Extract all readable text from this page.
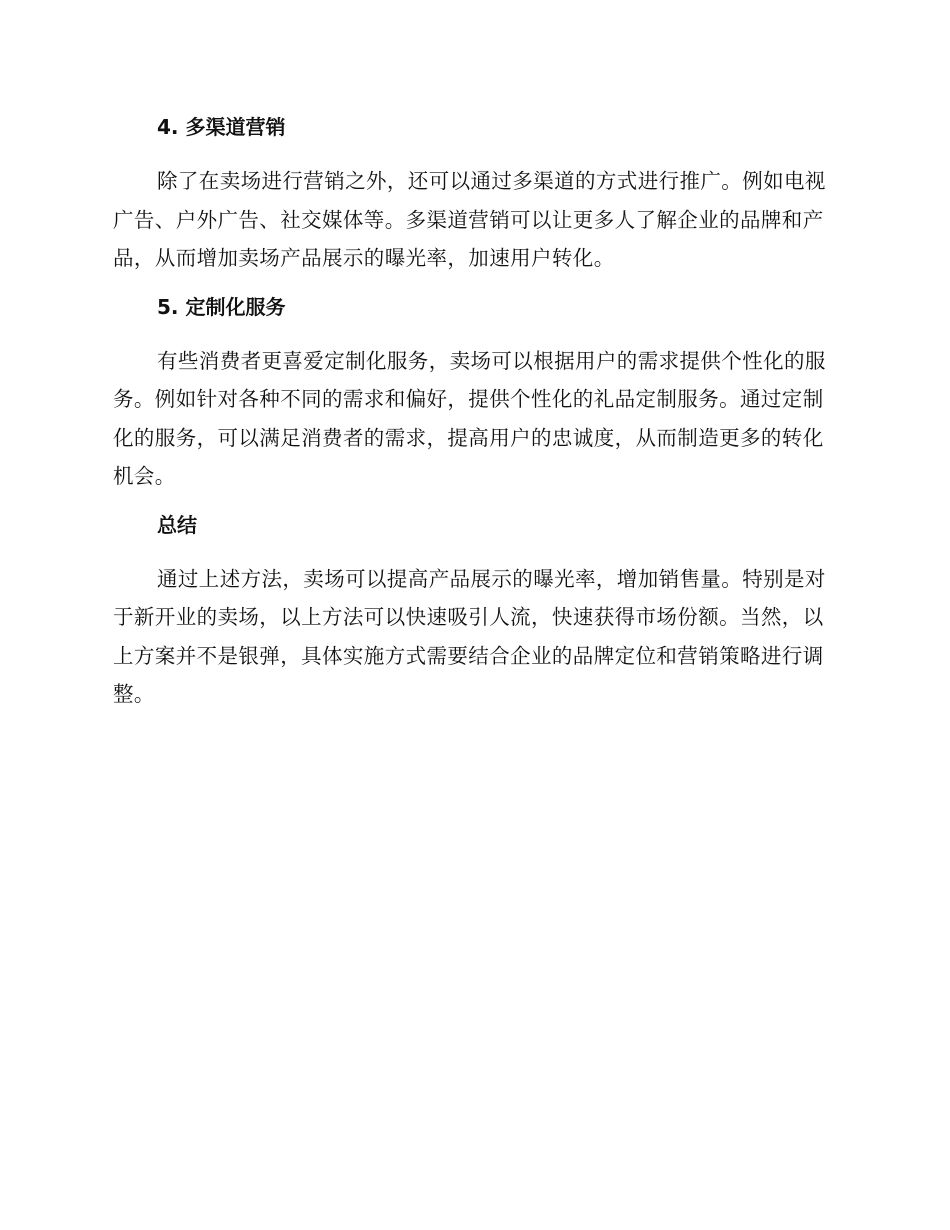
4. 多渠道营销

除了在卖场进行营销之外，还可以通过多渠道的方式进行推广。例如电视广告、户外广告、社交媒体等。多渠道营销可以让更多人了解企业的品牌和产品，从而增加卖场产品展示的曝光率，加速用户转化。

5. 定制化服务

有些消费者更喜爱定制化服务，卖场可以根据用户的需求提供个性化的服务。例如针对各种不同的需求和偏好，提供个性化的礼品定制服务。通过定制化的服务，可以满足消费者的需求，提高用户的忠诚度，从而制造更多的转化机会。

总结

通过上述方法，卖场可以提高产品展示的曝光率，增加销售量。特别是对于新开业的卖场，以上方法可以快速吸引人流，快速获得市场份额。当然，以上方案并不是银弹，具体实施方式需要结合企业的品牌定位和营销策略进行调整。
